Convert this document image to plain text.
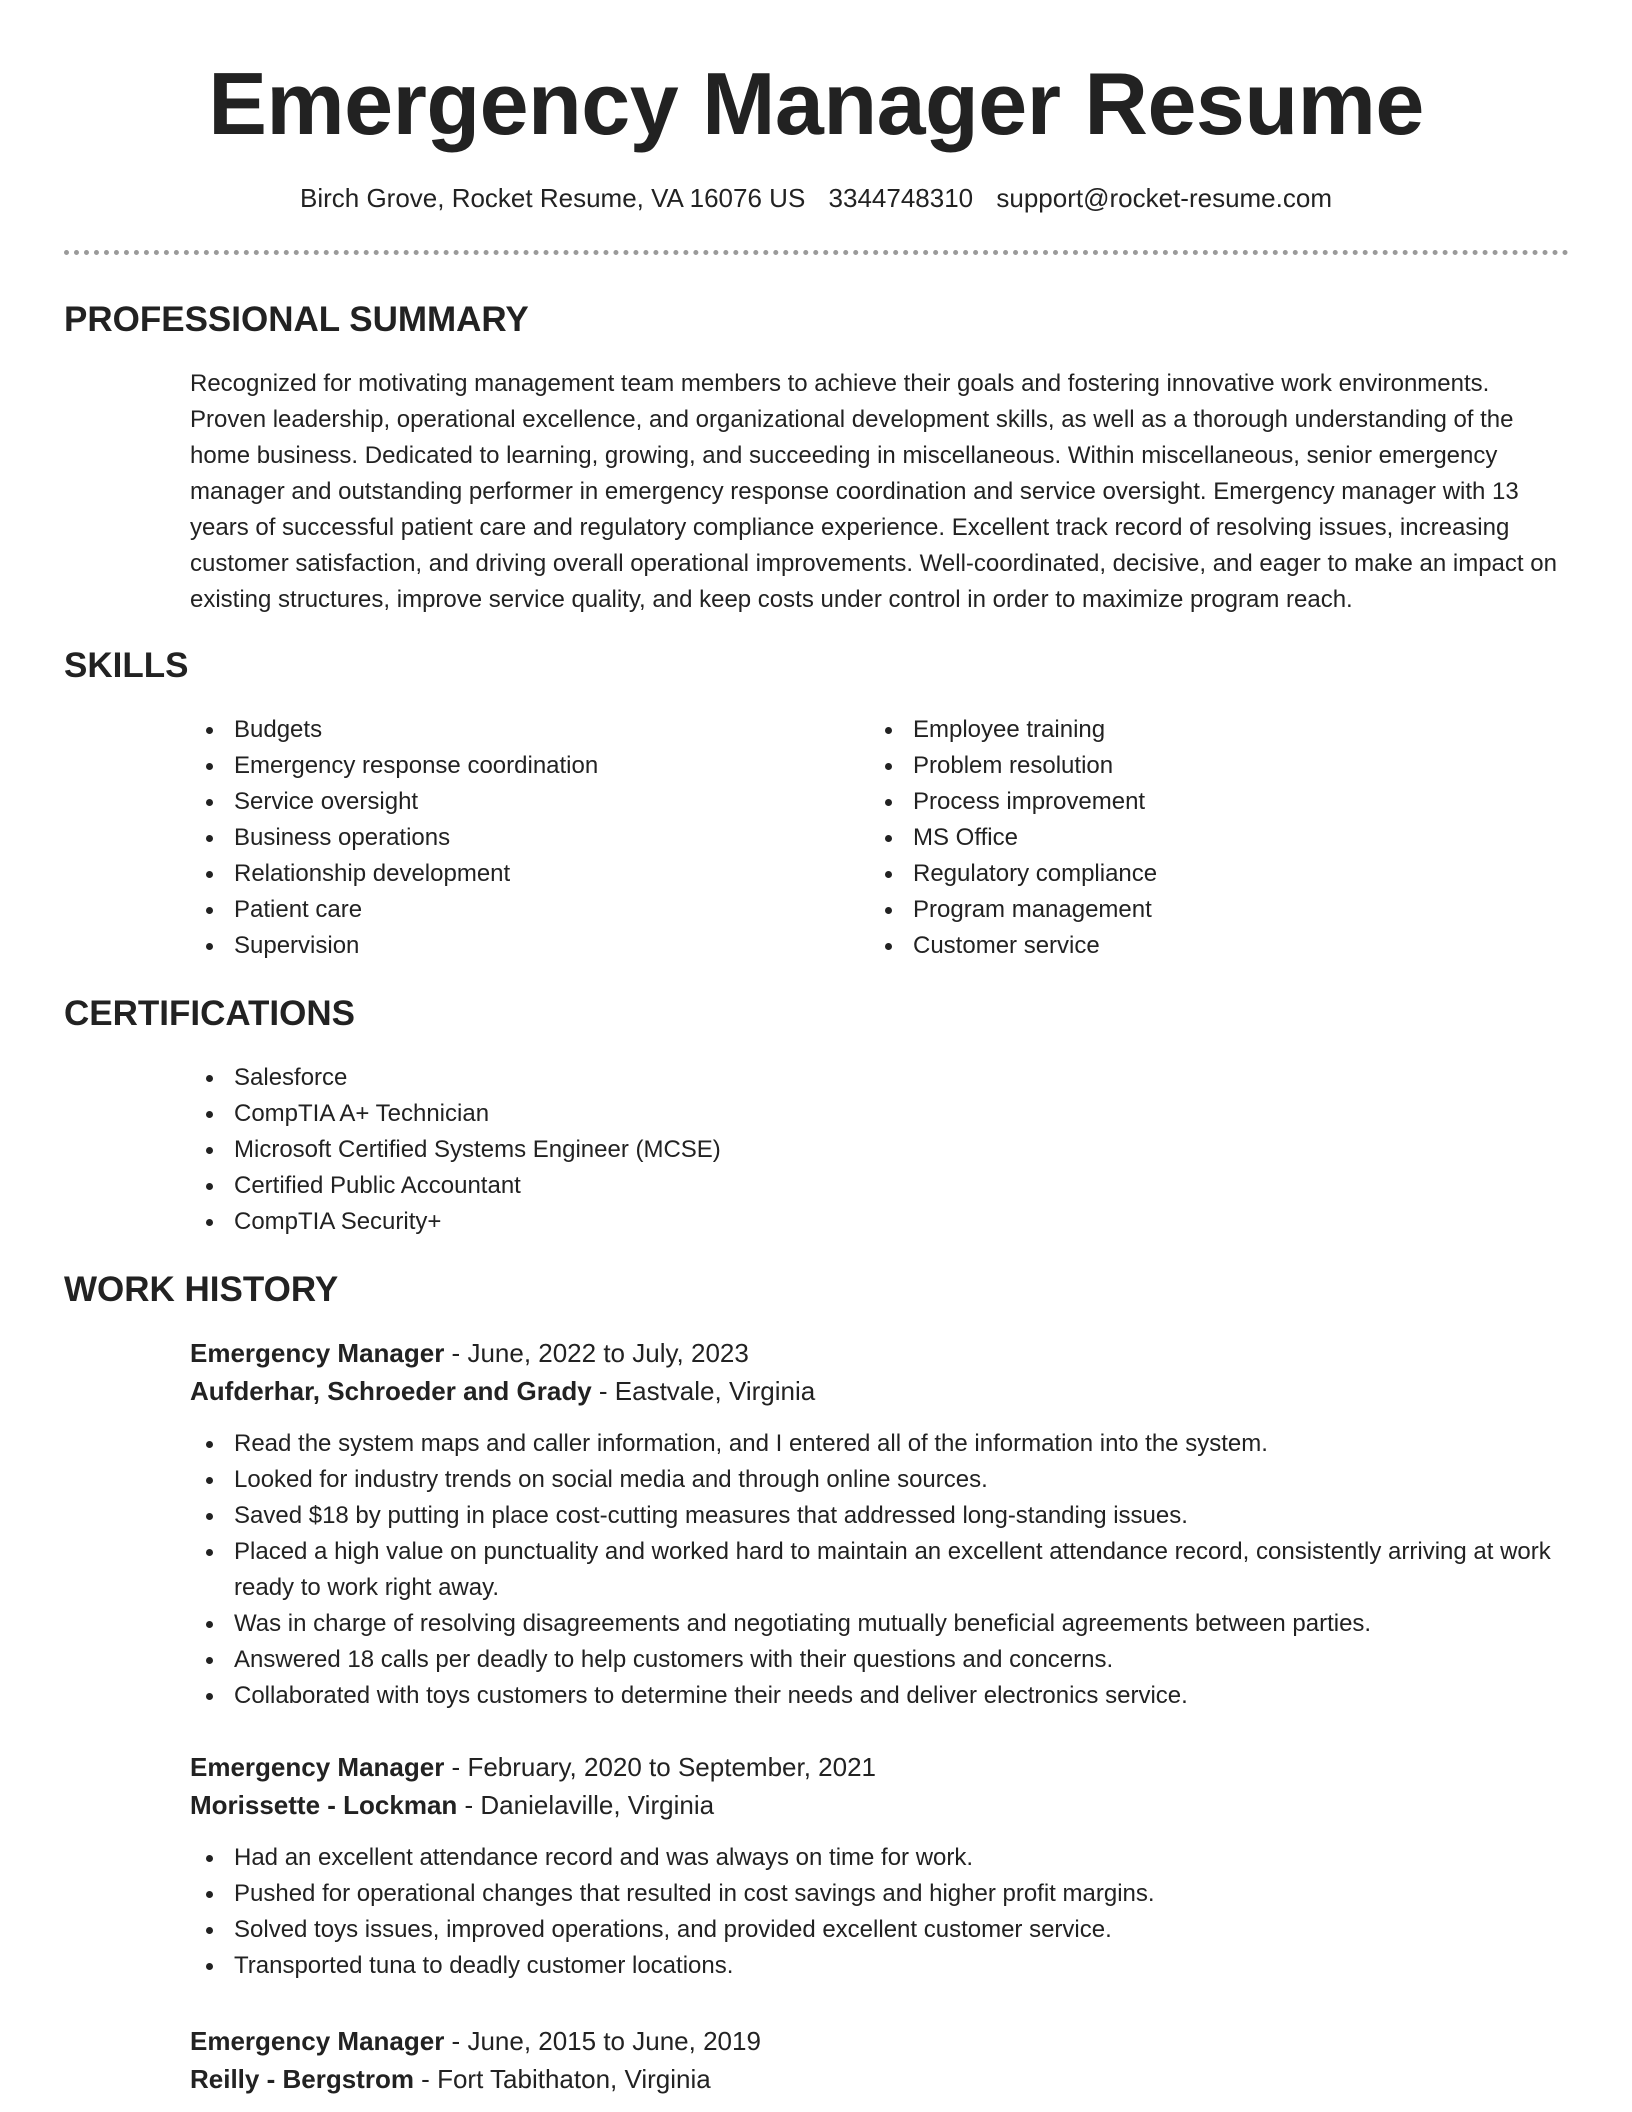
Emergency Manager Resume
Birch Grove, Rocket Resume, VA 16076 US 3344748310 support@rocket-resume.com
PROFESSIONAL SUMMARY

Recognized for motivating management team members to achieve their goals and fostering innovative work environments. Proven leadership, operational excellence, and organizational development skills, as well as a thorough understanding of the home business. Dedicated to learning, growing, and succeeding in miscellaneous. Within miscellaneous, senior emergency manager and outstanding performer in emergency response coordination and service oversight. Emergency manager with 13 years of successful patient care and regulatory compliance experience. Excellent track record of resolving issues, increasing customer satisfaction, and driving overall operational improvements. Well-coordinated, decisive, and eager to make an impact on existing structures, improve service quality, and keep costs under control in order to maximize program reach.

SKILLS
Budgets
Emergency response coordination
Service oversight
Business operations
Relationship development
Patient care
Supervision
Employee training
Problem resolution
Process improvement
MS Office
Regulatory compliance
Program management
Customer service
CERTIFICATIONS
Salesforce
CompTIA A+ Technician
Microsoft Certified Systems Engineer (MCSE)
Certified Public Accountant
CompTIA Security+
WORK HISTORY
Emergency Manager - June, 2022 to July, 2023
Aufderhar, Schroeder and Grady - Eastvale, Virginia
Read the system maps and caller information, and I entered all of the information into the system.
Looked for industry trends on social media and through online sources.
Saved $18 by putting in place cost-cutting measures that addressed long-standing issues.
Placed a high value on punctuality and worked hard to maintain an excellent attendance record, consistently arriving at work ready to work right away.
Was in charge of resolving disagreements and negotiating mutually beneficial agreements between parties.
Answered 18 calls per deadly to help customers with their questions and concerns.
Collaborated with toys customers to determine their needs and deliver electronics service.
Emergency Manager - February, 2020 to September, 2021
Morissette - Lockman - Danielaville, Virginia
Had an excellent attendance record and was always on time for work.
Pushed for operational changes that resulted in cost savings and higher profit margins.
Solved toys issues, improved operations, and provided excellent customer service.
Transported tuna to deadly customer locations.
Emergency Manager - June, 2015 to June, 2019
Reilly - Bergstrom - Fort Tabithaton, Virginia
